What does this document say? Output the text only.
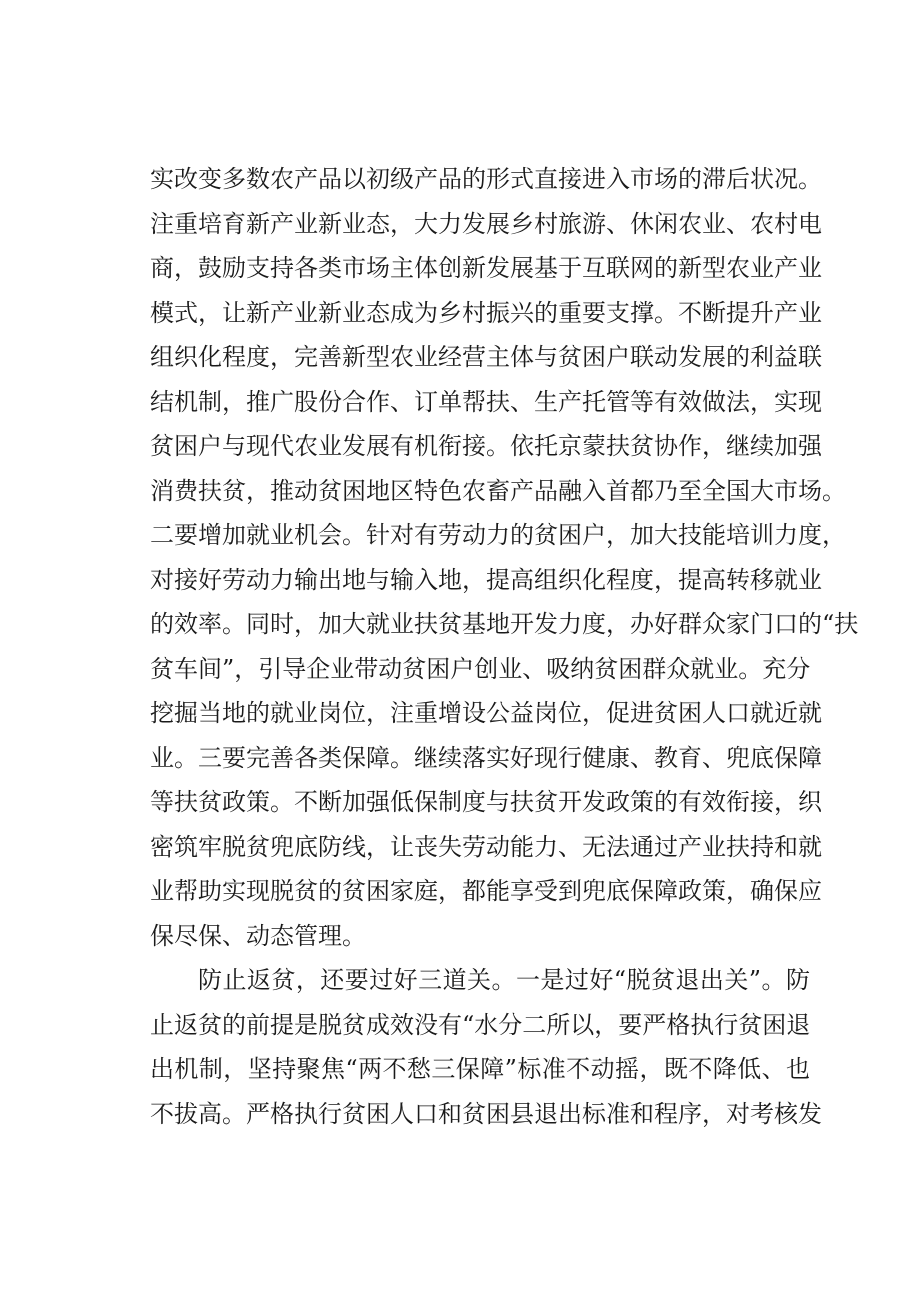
实改变多数农产品以初级产品的形式直接进入市场的滞后状况。
注重培育新产业新业态，大力发展乡村旅游、休闲农业、农村电
商，鼓励支持各类市场主体创新发展基于互联网的新型农业产业
模式，让新产业新业态成为乡村振兴的重要支撑。不断提升产业
组织化程度，完善新型农业经营主体与贫困户联动发展的利益联
结机制，推广股份合作、订单帮扶、生产托管等有效做法，实现
贫困户与现代农业发展有机衔接。依托京蒙扶贫协作，继续加强
消费扶贫，推动贫困地区特色农畜产品融入首都乃至全国大市场。
二要增加就业机会。针对有劳动力的贫困户，加大技能培训力度，
对接好劳动力输出地与输入地，提高组织化程度，提高转移就业
的效率。同时，加大就业扶贫基地开发力度，办好群众家门口的“扶
贫车间”，引导企业带动贫困户创业、吸纳贫困群众就业。充分
挖掘当地的就业岗位，注重增设公益岗位，促进贫困人口就近就
业。三要完善各类保障。继续落实好现行健康、教育、兜底保障
等扶贫政策。不断加强低保制度与扶贫开发政策的有效衔接，织
密筑牢脱贫兜底防线，让丧失劳动能力、无法通过产业扶持和就
业帮助实现脱贫的贫困家庭，都能享受到兜底保障政策，确保应
保尽保、动态管理。
防止返贫，还要过好三道关。一是过好“脱贫退出关”。防
止返贫的前提是脱贫成效没有“水分二所以，要严格执行贫困退
出机制，坚持聚焦“两不愁三保障”标准不动摇，既不降低、也
不拔高。严格执行贫困人口和贫困县退出标准和程序，对考核发
